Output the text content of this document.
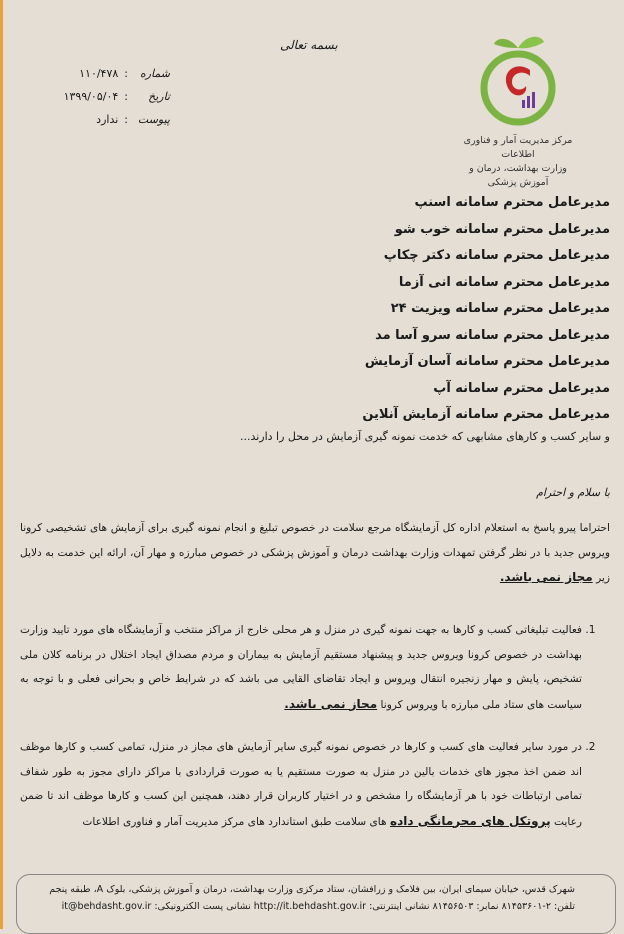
مرکز مدیریت آمار و فناوری اطلاعات
وزارت بهداشت، درمان و آموزش پزشکی
بسمه تعالی
شماره
:
۱۱۰/۴۷۸
تاریخ
:
۱۳۹۹/۰۵/۰۴
پیوست
:
ندارد
مدیرعامل محترم سامانه اسنپ
مدیرعامل محترم سامانه خوب شو
مدیرعامل محترم سامانه دکتر چکاپ
مدیرعامل محترم سامانه انی آزما
مدیرعامل محترم سامانه ویزیت ۲۴
مدیرعامل محترم سامانه سرو آسا مد
مدیرعامل محترم سامانه آسان آزمایش
مدیرعامل محترم سامانه آپ
مدیرعامل محترم سامانه آزمایش آنلاین
و سایر کسب و کارهای مشابهی که خدمت نمونه گیری آزمایش در محل را دارند...
با سلام و احترام
احتراما پیرو پاسخ به استعلام اداره کل آزمایشگاه مرجع سلامت در خصوص تبلیغ و انجام نمونه گیری برای آزمایش های تشخیصی کرونا ویروس جدید با در نظر گرفتن تمهدات وزارت بهداشت درمان و آموزش پزشکی در خصوص مبارزه و مهار آن، ارائه این خدمت به دلایل زیر مجاز نمی باشد.
1. فعالیت تبلیغاتی کسب و کارها به جهت نمونه گیری در منزل و هر محلی خارج از مراکز منتخب و آزمایشگاه های مورد تایید وزارت بهداشت در خصوص کرونا ویروس جدید و پیشنهاد مستقیم آزمایش به بیماران و مردم مصداق ایجاد اختلال در برنامه کلان ملی تشخیص، پایش و مهار زنجیره انتقال ویروس و ایجاد تقاضای القایی می باشد که در شرایط خاص و بحرانی فعلی و با توجه به سیاست های ستاد ملی مبارزه با ویروس کرونا مجاز نمی باشد.
2. در مورد سایر فعالیت های کسب و کارها در خصوص نمونه گیری سایر آزمایش های مجاز در منزل، تمامی کسب و کارها موظف اند ضمن اخذ مجوز های خدمات بالین در منزل به صورت مستقیم یا به صورت قراردادی با مراکز دارای مجوز به طور شفاف تمامی ارتباطات خود با هر آزمایشگاه را مشخص و در اختیار کاربران قرار دهند، همچنین این کسب و کارها موظف اند تا ضمن رعایت پروتکل های محرمانگی داده های سلامت طبق استاندارد های مرکز مدیریت آمار و فناوری اطلاعات
شهرک قدس، خیابان سیمای ایران، بین فلامک و زرافشان، ستاد مرکزی وزارت بهداشت، درمان و آموزش پزشکی، بلوک A، طبقه پنجم
تلفن: ۲-۸۱۴۵۳۶۰۱ نمابر: ۸۱۴۵۶۵۰۳ نشانی اینترنتی: http://it.behdasht.gov.ir نشانی پست الکترونیکی: it@behdasht.gov.ir
